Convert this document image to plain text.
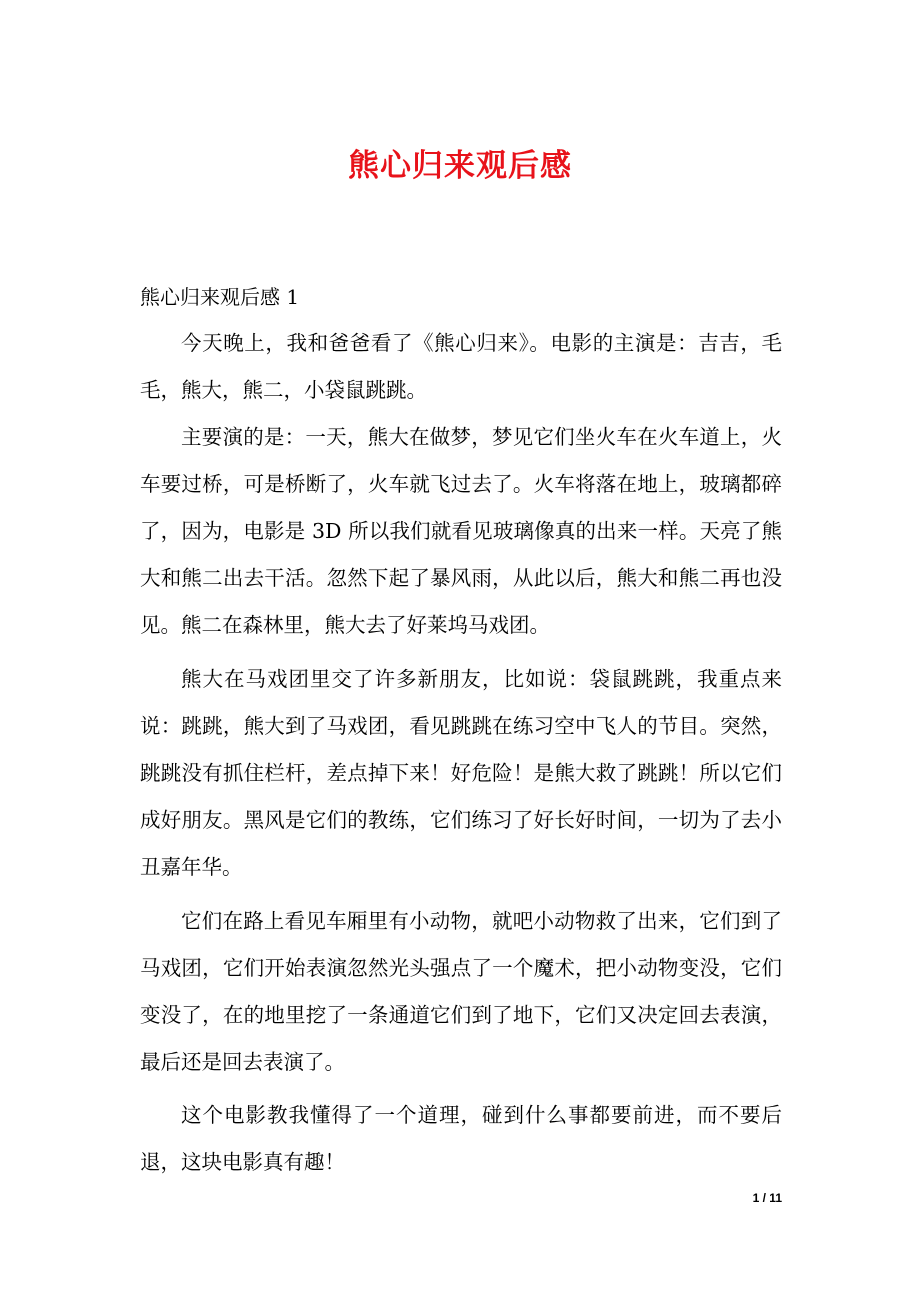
熊心归来观后感
熊心归来观后感 1

今天晚上，我和爸爸看了《熊心归来》。电影的主演是：吉吉，毛毛，熊大，熊二，小袋鼠跳跳。

主要演的是：一天，熊大在做梦，梦见它们坐火车在火车道上，火车要过桥，可是桥断了，火车就飞过去了。火车将落在地上，玻璃都碎了，因为，电影是 3D 所以我们就看见玻璃像真的出来一样。天亮了熊大和熊二出去干活。忽然下起了暴风雨，从此以后，熊大和熊二再也没见。熊二在森林里，熊大去了好莱坞马戏团。

熊大在马戏团里交了许多新朋友，比如说：袋鼠跳跳，我重点来说：跳跳，熊大到了马戏团，看见跳跳在练习空中飞人的节目。突然，跳跳没有抓住栏杆，差点掉下来！好危险！是熊大救了跳跳！所以它们成好朋友。黑风是它们的教练，它们练习了好长好时间，一切为了去小丑嘉年华。

它们在路上看见车厢里有小动物，就吧小动物救了出来，它们到了马戏团，它们开始表演忽然光头强点了一个魔术，把小动物变没，它们变没了，在的地里挖了一条通道它们到了地下，它们又决定回去表演，最后还是回去表演了。

这个电影教我懂得了一个道理，碰到什么事都要前进，而不要后退，这块电影真有趣！

1 / 11
